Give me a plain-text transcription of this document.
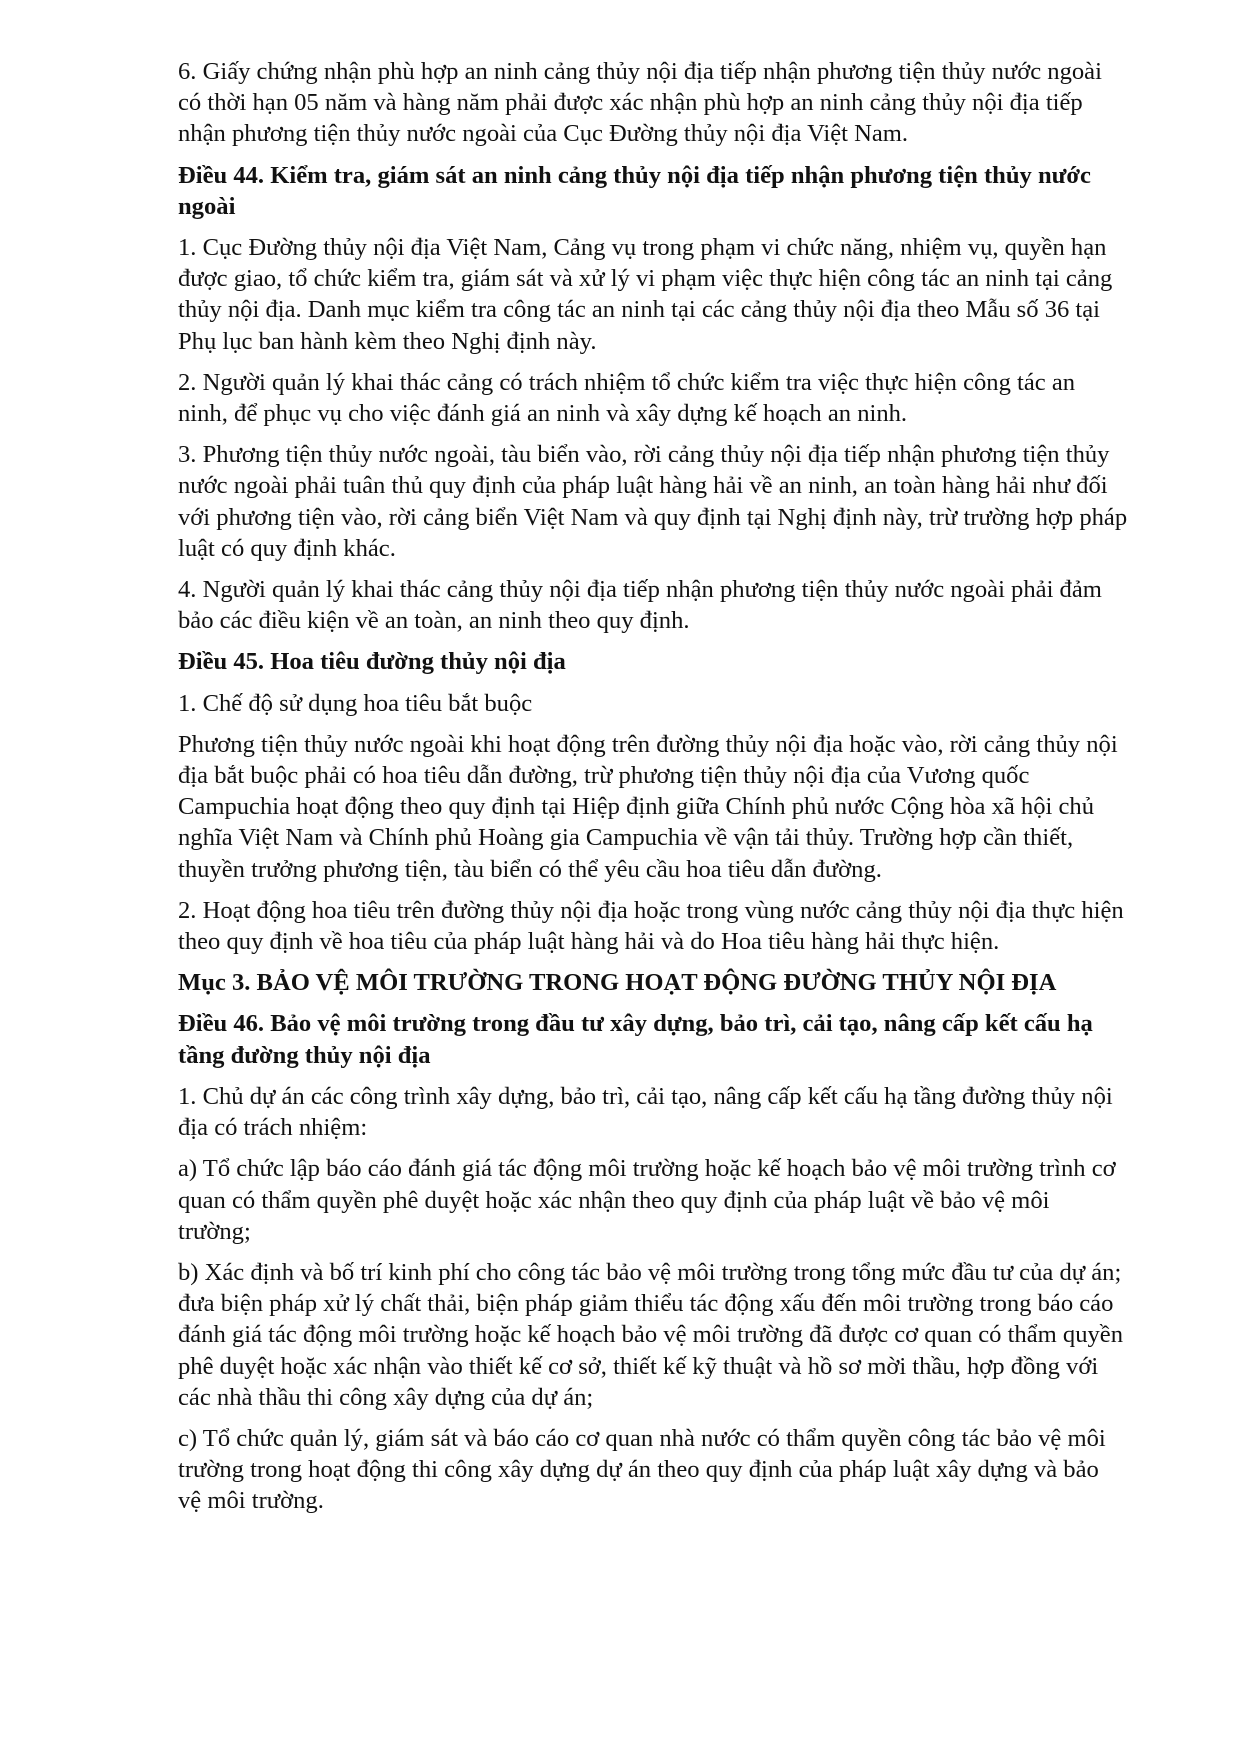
6. Giấy chứng nhận phù hợp an ninh cảng thủy nội địa tiếp nhận phương tiện thủy nước ngoài có thời hạn 05 năm và hàng năm phải được xác nhận phù hợp an ninh cảng thủy nội địa tiếp nhận phương tiện thủy nước ngoài của Cục Đường thủy nội địa Việt Nam.

Điều 44. Kiểm tra, giám sát an ninh cảng thủy nội địa tiếp nhận phương tiện thủy nước ngoài

1. Cục Đường thủy nội địa Việt Nam, Cảng vụ trong phạm vi chức năng, nhiệm vụ, quyền hạn được giao, tổ chức kiểm tra, giám sát và xử lý vi phạm việc thực hiện công tác an ninh tại cảng thủy nội địa. Danh mục kiểm tra công tác an ninh tại các cảng thủy nội địa theo Mẫu số 36 tại Phụ lục ban hành kèm theo Nghị định này.

2. Người quản lý khai thác cảng có trách nhiệm tổ chức kiểm tra việc thực hiện công tác an ninh, để phục vụ cho việc đánh giá an ninh và xây dựng kế hoạch an ninh.

3. Phương tiện thủy nước ngoài, tàu biển vào, rời cảng thủy nội địa tiếp nhận phương tiện thủy nước ngoài phải tuân thủ quy định của pháp luật hàng hải về an ninh, an toàn hàng hải như đối với phương tiện vào, rời cảng biển Việt Nam và quy định tại Nghị định này, trừ trường hợp pháp luật có quy định khác.

4. Người quản lý khai thác cảng thủy nội địa tiếp nhận phương tiện thủy nước ngoài phải đảm bảo các điều kiện về an toàn, an ninh theo quy định.

Điều 45. Hoa tiêu đường thủy nội địa

1. Chế độ sử dụng hoa tiêu bắt buộc

Phương tiện thủy nước ngoài khi hoạt động trên đường thủy nội địa hoặc vào, rời cảng thủy nội địa bắt buộc phải có hoa tiêu dẫn đường, trừ phương tiện thủy nội địa của Vương quốc Campuchia hoạt động theo quy định tại Hiệp định giữa Chính phủ nước Cộng hòa xã hội chủ nghĩa Việt Nam và Chính phủ Hoàng gia Campuchia về vận tải thủy. Trường hợp cần thiết, thuyền trưởng phương tiện, tàu biển có thể yêu cầu hoa tiêu dẫn đường.

2. Hoạt động hoa tiêu trên đường thủy nội địa hoặc trong vùng nước cảng thủy nội địa thực hiện theo quy định về hoa tiêu của pháp luật hàng hải và do Hoa tiêu hàng hải thực hiện.

Mục 3. BẢO VỆ MÔI TRƯỜNG TRONG HOẠT ĐỘNG ĐƯỜNG THỦY NỘI ĐỊA

Điều 46. Bảo vệ môi trường trong đầu tư xây dựng, bảo trì, cải tạo, nâng cấp kết cấu hạ tầng đường thủy nội địa

1. Chủ dự án các công trình xây dựng, bảo trì, cải tạo, nâng cấp kết cấu hạ tầng đường thủy nội địa có trách nhiệm:

a) Tổ chức lập báo cáo đánh giá tác động môi trường hoặc kế hoạch bảo vệ môi trường trình cơ quan có thẩm quyền phê duyệt hoặc xác nhận theo quy định của pháp luật về bảo vệ môi trường;

b) Xác định và bố trí kinh phí cho công tác bảo vệ môi trường trong tổng mức đầu tư của dự án; đưa biện pháp xử lý chất thải, biện pháp giảm thiểu tác động xấu đến môi trường trong báo cáo đánh giá tác động môi trường hoặc kế hoạch bảo vệ môi trường đã được cơ quan có thẩm quyền phê duyệt hoặc xác nhận vào thiết kế cơ sở, thiết kế kỹ thuật và hồ sơ mời thầu, hợp đồng với các nhà thầu thi công xây dựng của dự án;

c) Tổ chức quản lý, giám sát và báo cáo cơ quan nhà nước có thẩm quyền công tác bảo vệ môi trường trong hoạt động thi công xây dựng dự án theo quy định của pháp luật xây dựng và bảo vệ môi trường.
